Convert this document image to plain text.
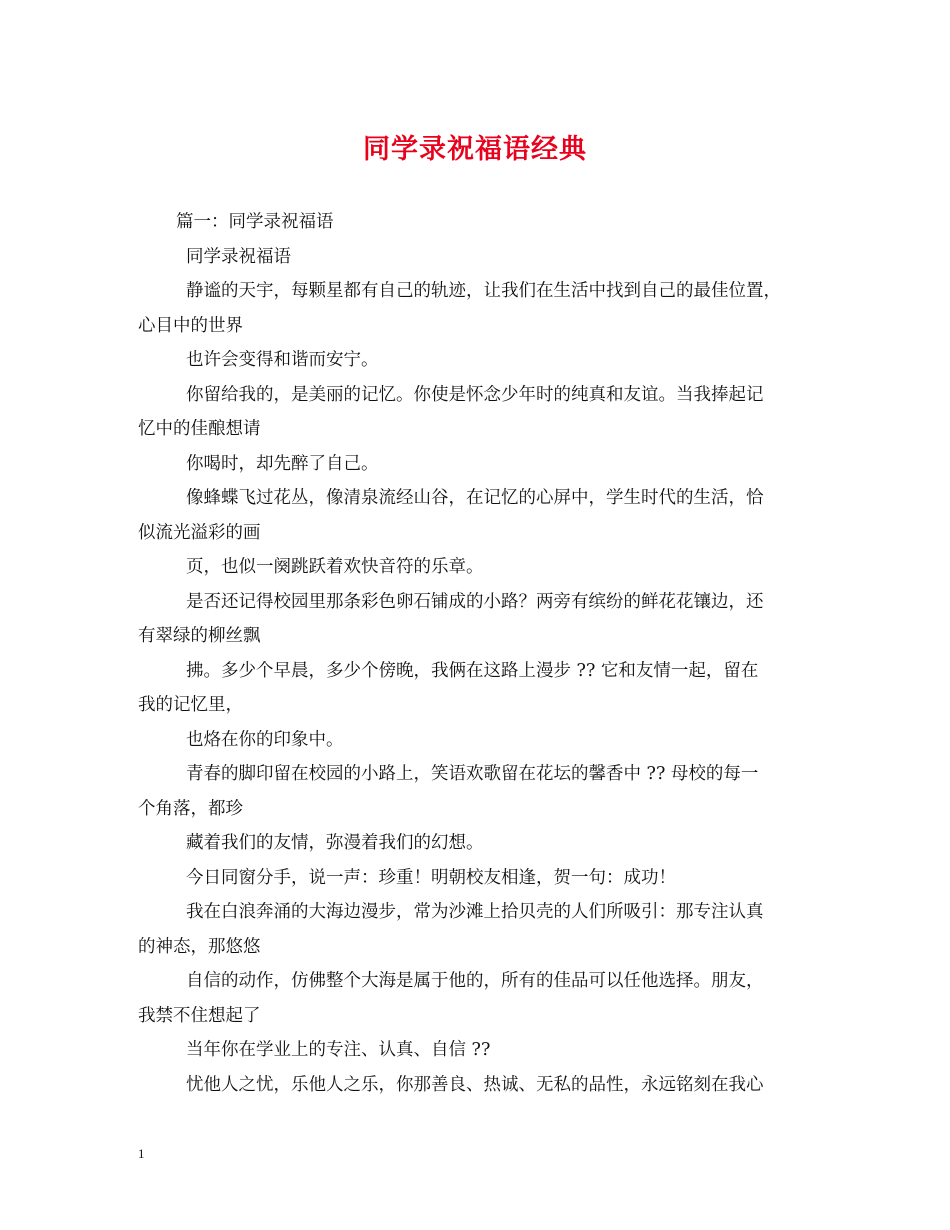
同学录祝福语经典
篇一：同学录祝福语
同学录祝福语
静谧的天宇，每颗星都有自己的轨迹，让我们在生活中找到自己的最佳位置，
心目中的世界
也许会变得和谐而安宁。
你留给我的，是美丽的记忆。你使是怀念少年时的纯真和友谊。当我捧起记
忆中的佳酿想请
你喝时，却先醉了自己。
像蜂蝶飞过花丛，像清泉流经山谷，在记忆的心屏中，学生时代的生活，恰
似流光溢彩的画
页，也似一阕跳跃着欢快音符的乐章。
是否还记得校园里那条彩色卵石铺成的小路？两旁有缤纷的鲜花花镶边，还
有翠绿的柳丝飘
拂。多少个早晨，多少个傍晚，我俩在这路上漫步 ?? 它和友情一起，留在
我的记忆里，
也烙在你的印象中。
青春的脚印留在校园的小路上，笑语欢歌留在花坛的馨香中 ?? 母校的每一
个角落，都珍
藏着我们的友情，弥漫着我们的幻想。
今日同窗分手，说一声：珍重！明朝校友相逢，贺一句：成功！
我在白浪奔涌的大海边漫步，常为沙滩上拾贝壳的人们所吸引：那专注认真
的神态，那悠悠
自信的动作，仿佛整个大海是属于他的，所有的佳品可以任他选择。朋友，
我禁不住想起了
当年你在学业上的专注、认真、自信 ??
忧他人之忧，乐他人之乐，你那善良、热诚、无私的品性，永远铭刻在我心
1
